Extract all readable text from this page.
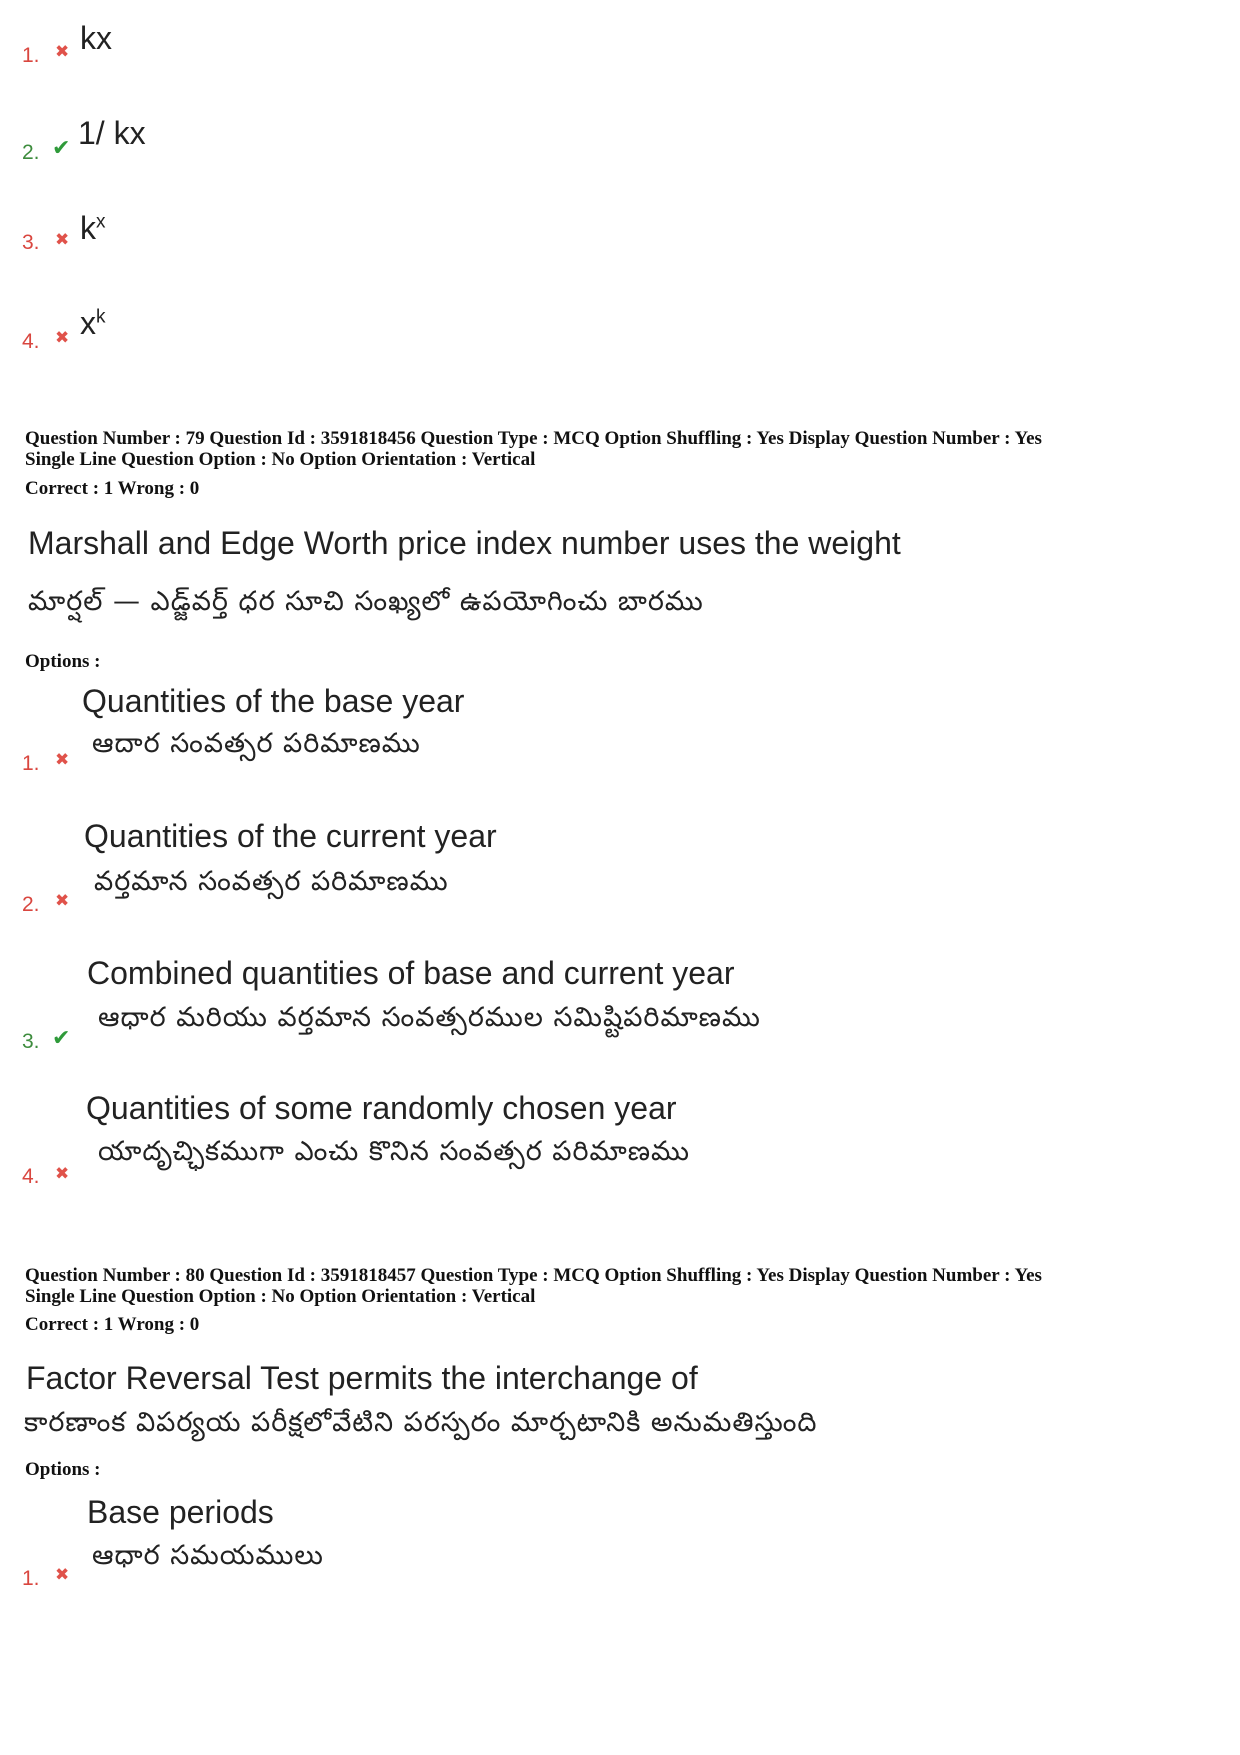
1. ✖ kx
2. ✔ 1/ kx
3. ✖ $k^x$
4. ✖ $x^k$
Question Number : 79 Question Id : 3591818456 Question Type : MCQ Option Shuffling : Yes Display Question Number : Yes
Single Line Question Option : No Option Orientation : Vertical
Correct : 1 Wrong : 0
Marshall and Edge Worth price index number uses the weight
మార్షల్ — ఎడ్జ్‌వర్త్ ధర సూచి సంఖ్యలో ఉపయోగించు బారము
Options :
Quantities of the base year
ఆదార సంవత్సర పరిమాణము
1. ✖
Quantities of the current year
వర్తమాన సంవత్సర పరిమాణము
2. ✖
Combined quantities of base and current year
ఆధార మరియు వర్తమాన సంవత్సరముల సమిష్టిపరిమాణము
3. ✔
Quantities of some randomly chosen year
యాదృచ్ఛికముగా ఎంచు కొనిన సంవత్సర పరిమాణము
4. ✖
Question Number : 80 Question Id : 3591818457 Question Type : MCQ Option Shuffling : Yes Display Question Number : Yes
Single Line Question Option : No Option Orientation : Vertical
Correct : 1 Wrong : 0
Factor Reversal Test permits the interchange of
కారణాంక విపర్యయ పరీక్షలోవేటిని పరస్పరం మార్చటానికి అనుమతిస్తుంది
Options :
Base periods
ఆధార సమయములు
1. ✖
